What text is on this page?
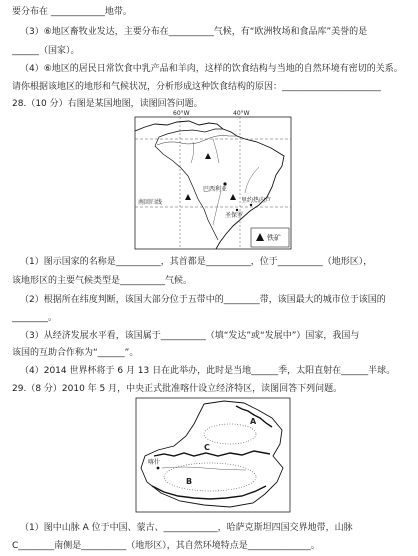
要分布在 ____________地带。
（3）⑥地区畜牧业发达，主要分布在__________气候，有“欧洲牧场和食品库”美誉的是
______（国家）。
（4）⑥地区的居民日常饮食中乳产品和羊肉，这样的饮食结构与当地的自然环境有密切的关系。
请你根据该地区的地形和气候状况，分析形成这种饮食结构的原因：______________________
28.（10 分）右图是某国地图，读图回答问题。
60°W	40°W
巴西利亚
里约热内卢
圣保罗
南回归线
铁矿
（1）图示国家的名称是__________，其首都是__________，位于__________（地形区），
该地形区的主要气候类型是__________气候。
（2）根据所在纬度判断，该国大部分位于五带中的________带，该国最大的城市位于该国的
________。
（3）从经济发展水平看，该国属于__________（填“发达”或“发展中”）国家，我国与
该国的互助合作称为“______”。
（4）2014 世界杯将于 6 月 13 日在此举办，此时是当地______季，太阳直射在______半球。
29.（8 分）2010 年 5 月，中央正式批准喀什设立经济特区，读图回答下列问题。
A
C
B
喀什
（1）图中山脉 A 位于中国、蒙古、____________，哈萨克斯坦四国交界地带，山脉
C________南侧是__________（地形区），其自然环境特点是______________。
